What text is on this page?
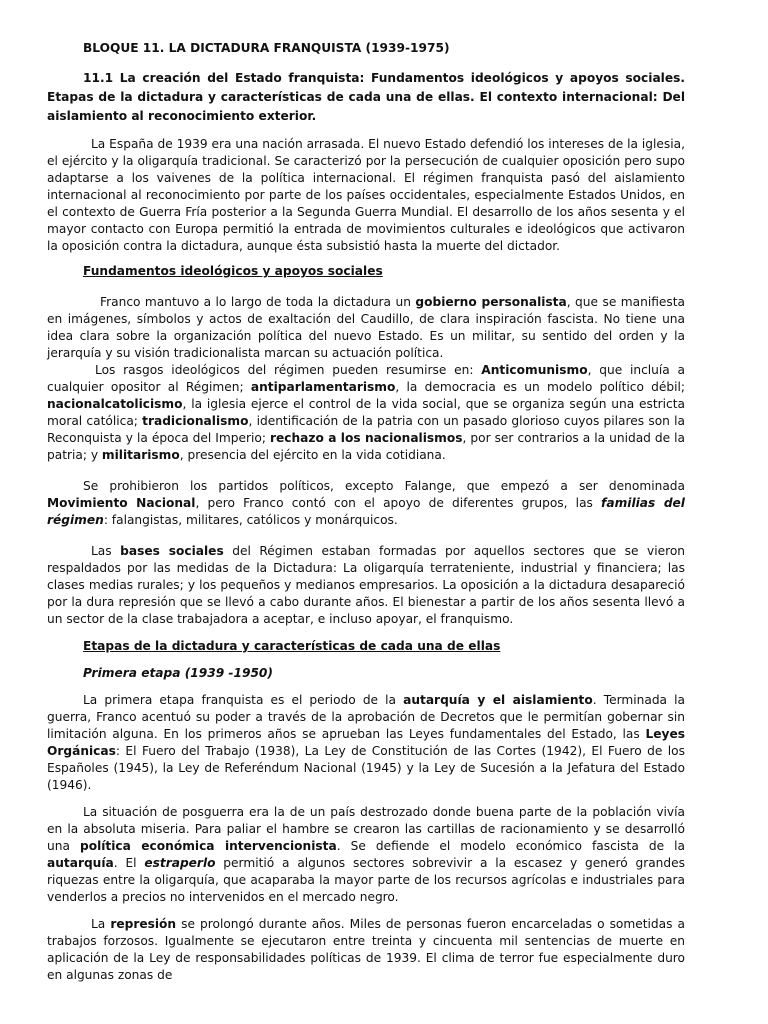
BLOQUE 11. LA DICTADURA FRANQUISTA (1939-1975)
11.1 La creación del Estado franquista: Fundamentos ideológicos y apoyos sociales. Etapas de la dictadura y características de cada una de ellas. El contexto internacional: Del aislamiento al reconocimiento exterior.

La España de 1939 era una nación arrasada. El nuevo Estado defendió los intereses de la iglesia, el ejército y la oligarquía tradicional. Se caracterizó por la persecución de cualquier oposición pero supo adaptarse a los vaivenes de la política internacional. El régimen franquista pasó del aislamiento internacional al reconocimiento por parte de los países occidentales, especialmente Estados Unidos, en el contexto de Guerra Fría posterior a la Segunda Guerra Mundial. El desarrollo de los años sesenta y el mayor contacto con Europa permitió la entrada de movimientos culturales e ideológicos que activaron la oposición contra la dictadura, aunque ésta subsistió hasta la muerte del dictador.

Fundamentos ideológicos y apoyos sociales

Franco mantuvo a lo largo de toda la dictadura un gobierno personalista, que se manifiesta en imágenes, símbolos y actos de exaltación del Caudillo, de clara inspiración fascista. No tiene una idea clara sobre la organización política del nuevo Estado. Es un militar, su sentido del orden y la jerarquía y su visión tradicionalista marcan su actuación política.

Los rasgos ideológicos del régimen pueden resumirse en: Anticomunismo, que incluía a cualquier opositor al Régimen; antiparlamentarismo, la democracia es un modelo político débil; nacionalcatolicismo, la iglesia ejerce el control de la vida social, que se organiza según una estricta moral católica; tradicionalismo, identificación de la patria con un pasado glorioso cuyos pilares son la Reconquista y la época del Imperio; rechazo a los nacionalismos, por ser contrarios a la unidad de la patria; y militarismo, presencia del ejército en la vida cotidiana.

Se prohibieron los partidos políticos, excepto Falange, que empezó a ser denominada Movimiento Nacional, pero Franco contó con el apoyo de diferentes grupos, las familias del régimen: falangistas, militares, católicos y monárquicos.

Las bases sociales del Régimen estaban formadas por aquellos sectores que se vieron respaldados por las medidas de la Dictadura: La oligarquía terrateniente, industrial y financiera; las clases medias rurales; y los pequeños y medianos empresarios. La oposición a la dictadura desapareció por la dura represión que se llevó a cabo durante años. El bienestar a partir de los años sesenta llevó a un sector de la clase trabajadora a aceptar, e incluso apoyar, el franquismo.

Etapas de la dictadura y características de cada una de ellas
Primera etapa (1939 -1950)

La primera etapa franquista es el periodo de la autarquía y el aislamiento. Terminada la guerra, Franco acentuó su poder a través de la aprobación de Decretos que le permitían gobernar sin limitación alguna. En los primeros años se aprueban las Leyes fundamentales del Estado, las Leyes Orgánicas: El Fuero del Trabajo (1938), La Ley de Constitución de las Cortes (1942), El Fuero de los Españoles (1945), la Ley de Referéndum Nacional (1945) y la Ley de Sucesión a la Jefatura del Estado (1946).

La situación de posguerra era la de un país destrozado donde buena parte de la población vivía en la absoluta miseria. Para paliar el hambre se crearon las cartillas de racionamiento y se desarrolló una política económica intervencionista. Se defiende el modelo económico fascista de la autarquía. El estraperlo permitió a algunos sectores sobrevivir a la escasez y generó grandes riquezas entre la oligarquía, que acaparaba la mayor parte de los recursos agrícolas e industriales para venderlos a precios no intervenidos en el mercado negro.

La represión se prolongó durante años. Miles de personas fueron encarceladas o sometidas a trabajos forzosos. Igualmente se ejecutaron entre treinta y cincuenta mil sentencias de muerte en aplicación de la Ley de responsabilidades políticas de 1939. El clima de terror fue especialmente duro en algunas zonas de
